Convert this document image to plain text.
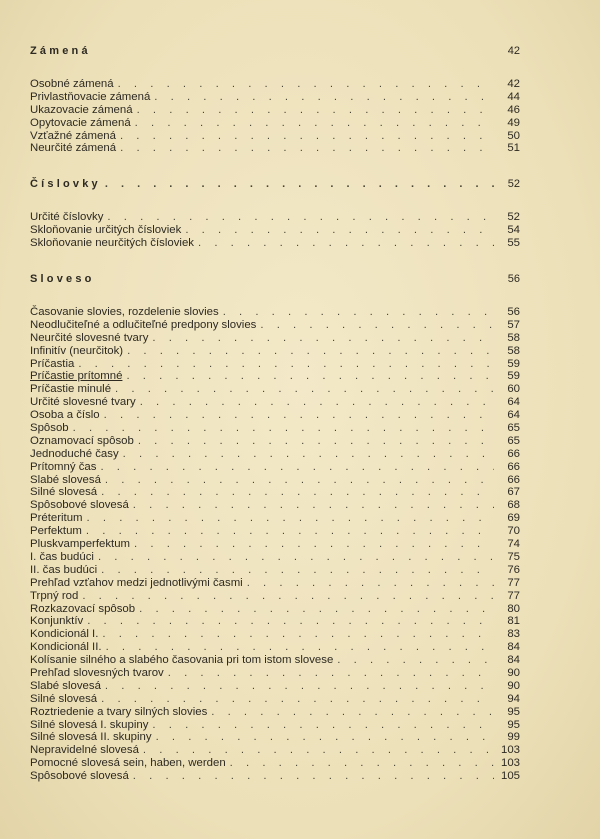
Zámená	42
Osobné zámená . . .	42
Privlastňovacie zámená . . .	44
Ukazovacie zámená . . .	46
Opytovacie zámená . . .	49
Vzťažné zámená . . .	50
Neurčité zámená . . .	51
Číslovky . . .	52
Určité číslovky . . .	52
Skloňovanie určitých čísloviek . . .	54
Skloňovanie neurčitých čísloviek . . .	55
Sloveso	56
Časovanie slovies, rozdelenie slovies . . .	56
Neodlučiteľné a odlučiteľné predpony slovies . . .	57
Neurčité slovesné tvary . . .	58
Infinitív (neurčitok) . . .	58
Príčastia . . .	59
Príčastie prítomné . . .	59
Príčastie minulé . . .	60
Určité slovesné tvary . . .	64
Osoba a číslo . . .	64
Spôsob . . .	65
Oznamovací spôsob . . .	65
Jednoduché časy . . .	66
Prítomný čas . . .	66
Slabé slovesá . . .	66
Silné slovesá . . .	67
Spôsobové slovesá . . .	68
Préteritum . . .	69
Perfektum . . .	70
Pluskvamperfektum . . .	74
I. čas budúci . . .	75
II. čas budúci . . .	76
Prehľad vzťahov medzi jednotlivými časmi . . .	77
Trpný rod . . .	77
Rozkazovací spôsob . . .	80
Konjunktív . . .	81
Kondicionál I. . . .	83
Kondicionál II. . . .	84
Kolísanie silného a slabého časovania pri tom istom slovese . . .	84
Prehľad slovesných tvarov . . .	90
Slabé slovesá . . .	90
Silné slovesá . . .	94
Roztriedenie a tvary silných slovies . . .	95
Silné slovesá I. skupiny . . .	95
Silné slovesá II. skupiny . . .	99
Nepravidelné slovesá . . .	103
Pomocné slovesá sein, haben, werden . . .	103
Spôsobové slovesá . . .	105
